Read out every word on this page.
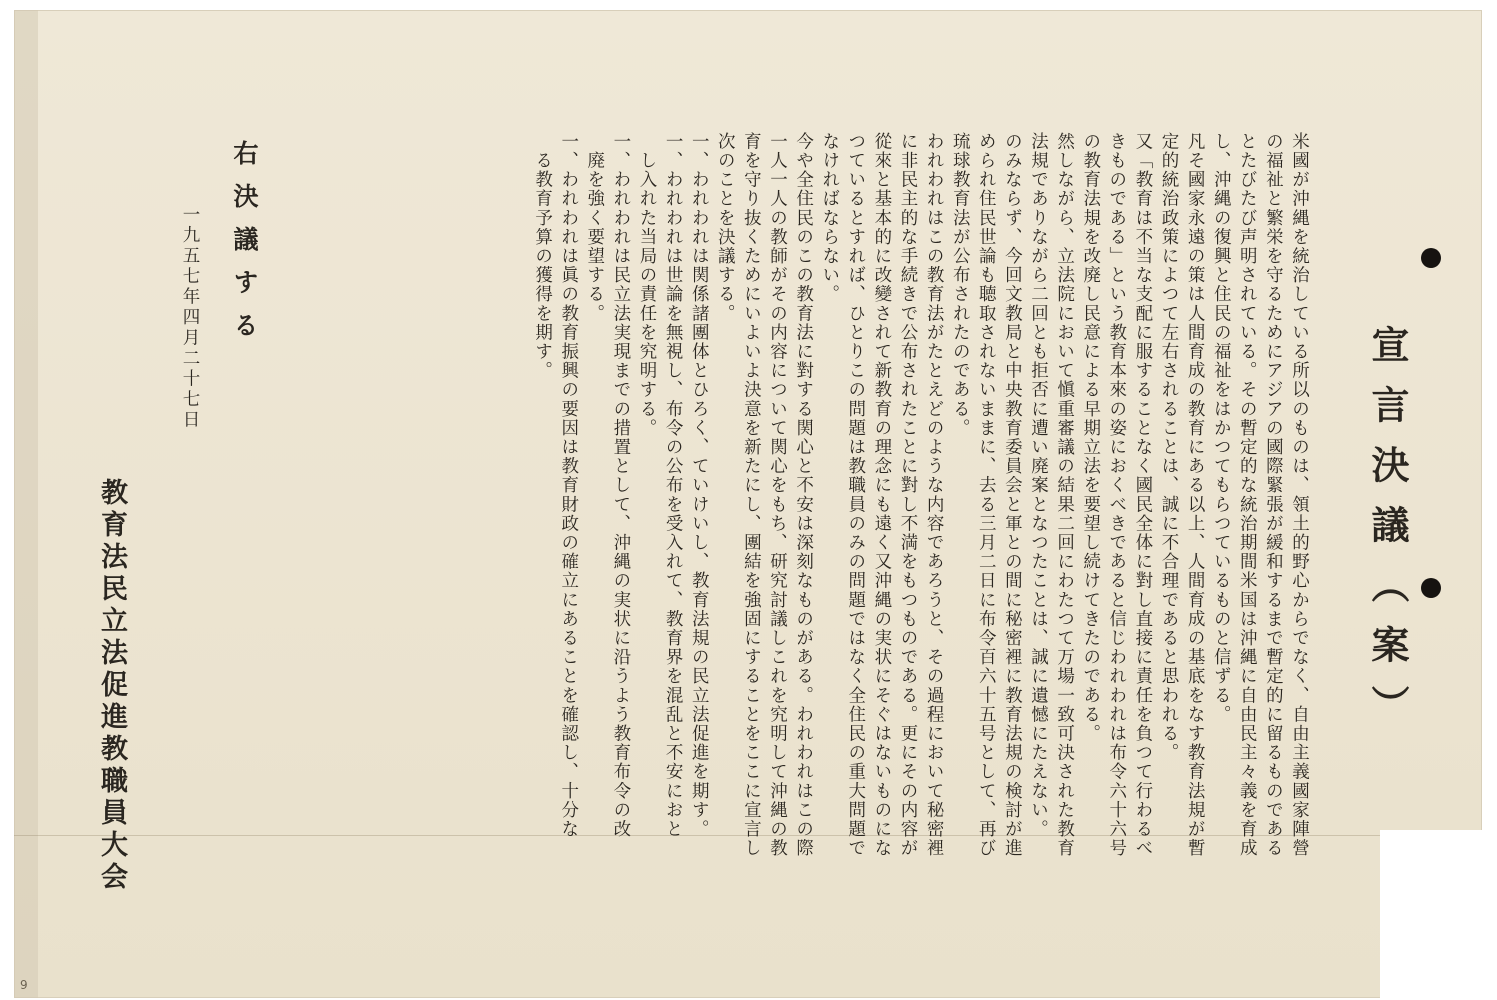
宣言決議（案）
米國が沖縄を統治している所以のものは、領土的野心からでなく、自由主義國家陣營
の福祉と繁栄を守るためにアジアの國際緊張が緩和するまで暫定的に留るものである
とたびたび声明されている。その暫定的な統治期間米国は沖縄に自由民主々義を育成
し、沖縄の復興と住民の福祉をはかつてもらつているものと信ずる。
凡そ國家永遠の策は人間育成の教育にある以上、人間育成の基底をなす教育法規が暫
定的統治政策によつて左右されることは、誠に不合理であると思われる。
又「教育は不当な支配に服することなく國民全体に對し直接に責任を負つて行わるべ
きものである」という教育本來の姿におくべきであると信じわれわれは布令六十六号
の教育法規を改廃し民意による早期立法を要望し続けてきたのである。
然しながら、立法院において愼重審議の結果二回にわたつて万場一致可決された教育
法規でありながら二回とも拒否に遭い廃案となつたことは、誠に遺憾にたえない。
のみならず、今回文教局と中央教育委員会と軍との間に秘密裡に教育法規の検討が進
められ住民世論も聴取されないままに、去る三月二日に布令百六十五号として、再び
琉球教育法が公布されたのである。
われわれはこの教育法がたとえどのような内容であろうと、その過程において秘密裡
に非民主的な手続きで公布されたことに對し不満をもつものである。更にその内容が
從來と基本的に改變されて新教育の理念にも遠く又沖縄の実状にそぐはないものにな
つているとすれば、ひとりこの問題は教職員のみの問題ではなく全住民の重大問題で
なければならない。
今や全住民のこの教育法に對する関心と不安は深刻なものがある。われわれはこの際
一人一人の教師がその内容について関心をもち、研究討議しこれを究明して沖縄の教
育を守り抜くためにいよいよ決意を新たにし、團結を強固にすることをここに宣言し
次のことを決議する。
一、われわれは関係諸團体とひろく、ていけいし、教育法規の民立法促進を期す。
一、われわれは世論を無視し、布令の公布を受入れて、教育界を混乱と不安におと
　し入れた当局の責任を究明する。
一、われわれは民立法実現までの措置として、沖縄の実状に沿うよう教育布令の改
　廃を強く要望する。
一、われわれは眞の教育振興の要因は教育財政の確立にあることを確認し、十分な
　る教育予算の獲得を期す。
右決議する
一九五七年四月二十七日
教育法民立法促進教職員大会
9
